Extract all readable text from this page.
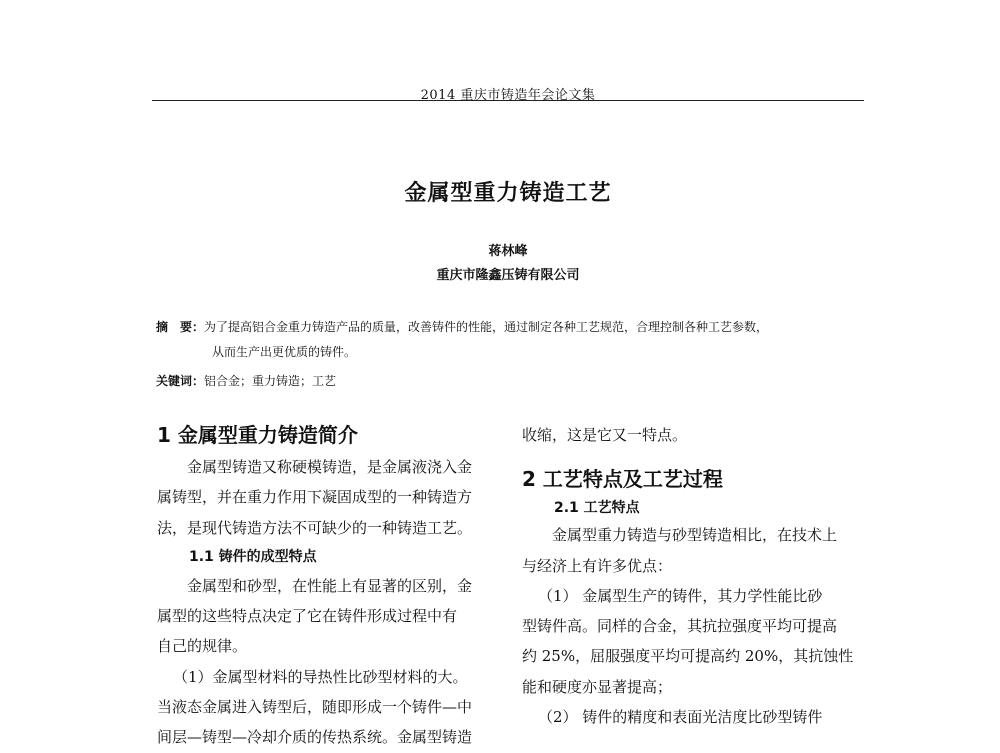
2014 重庆市铸造年会论文集
金属型重力铸造工艺
蒋林峰
重庆市隆鑫压铸有限公司
摘　要：为了提高铝合金重力铸造产品的质量，改善铸件的性能，通过制定各种工艺规范，合理控制各种工艺参数，
从而生产出更优质的铸件。
关键词：铝合金；重力铸造；工艺

1 金属型重力铸造简介

金属型铸造又称硬模铸造，是金属液浇入金

属铸型，并在重力作用下凝固成型的一种铸造方

法，是现代铸造方法不可缺少的一种铸造工艺。

1.1 铸件的成型特点

金属型和砂型，在性能上有显著的区别，金

属型的这些特点决定了它在铸件形成过程中有

自己的规律。

（1）金属型材料的导热性比砂型材料的大。

当液态金属进入铸型后，随即形成一个铸件—中

间层—铸型—冷却介质的传热系统。金属型铸造

收缩，这是它又一特点。

2 工艺特点及工艺过程

2.1 工艺特点

金属型重力铸造与砂型铸造相比，在技术上

与经济上有许多优点：

（1） 金属型生产的铸件，其力学性能比砂

型铸件高。同样的合金，其抗拉强度平均可提高

约 25%，屈服强度平均可提高约 20%，其抗蚀性

能和硬度亦显著提高；

（2） 铸件的精度和表面光洁度比砂型铸件
